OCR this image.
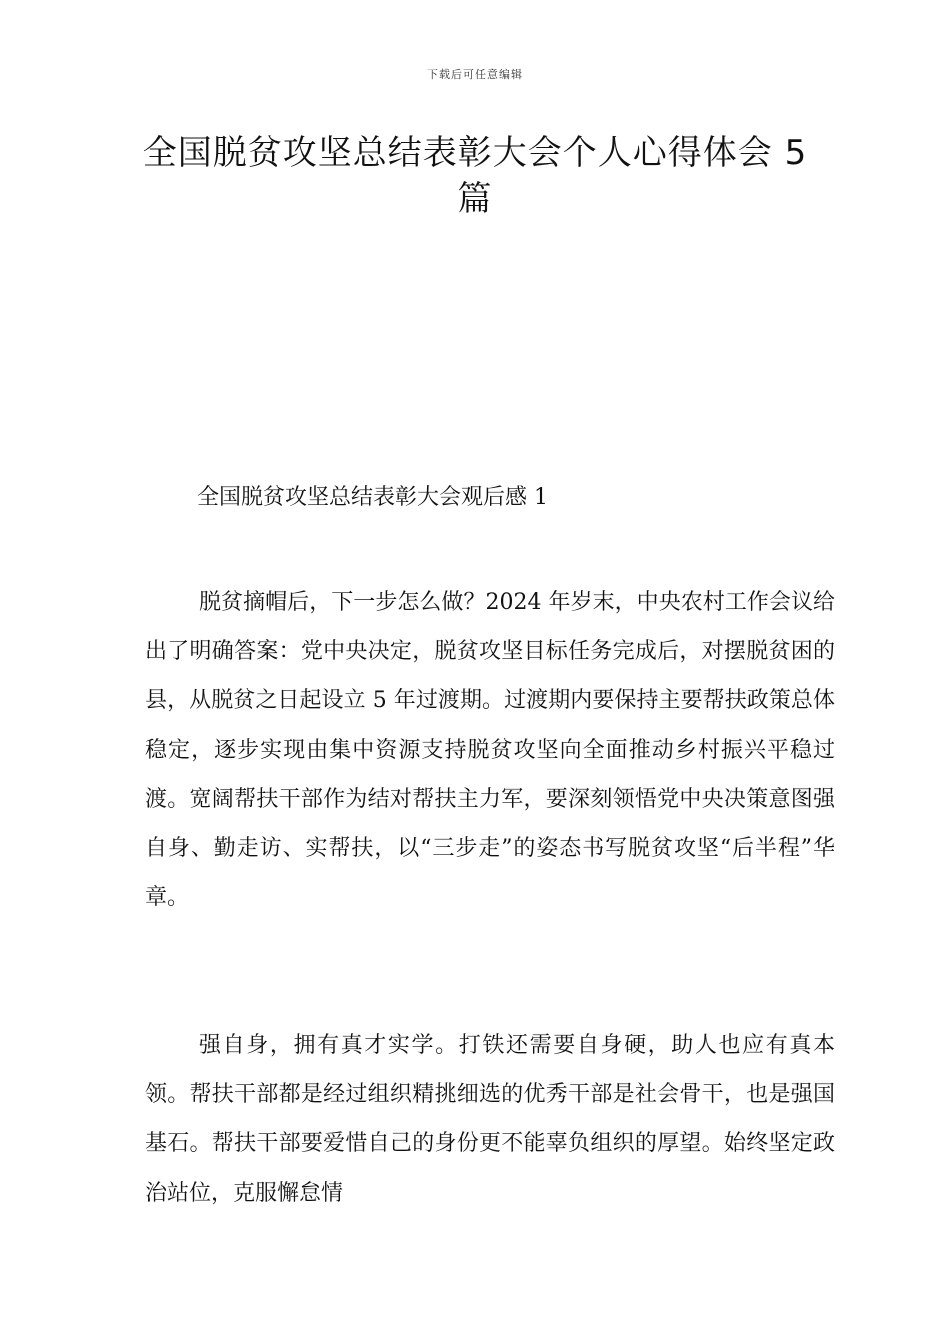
下载后可任意编辑
全国脱贫攻坚总结表彰大会个人心得体会 5 篇
全国脱贫攻坚总结表彰大会观后感 1

脱贫摘帽后，下一步怎么做？2024 年岁末，中央农村工作会议给出了明确答案：党中央决定，脱贫攻坚目标任务完成后，对摆脱贫困的县，从脱贫之日起设立 5 年过渡期。过渡期内要保持主要帮扶政策总体稳定，逐步实现由集中资源支持脱贫攻坚向全面推动乡村振兴平稳过渡。宽阔帮扶干部作为结对帮扶主力军，要深刻领悟党中央决策意图强自身、勤走访、实帮扶，以“三步走”的姿态书写脱贫攻坚“后半程”华章。

强自身，拥有真才实学。打铁还需要自身硬，助人也应有真本领。帮扶干部都是经过组织精挑细选的优秀干部是社会骨干，也是强国基石。帮扶干部要爱惜自己的身份更不能辜负组织的厚望。始终坚定政治站位，克服懈怠情
